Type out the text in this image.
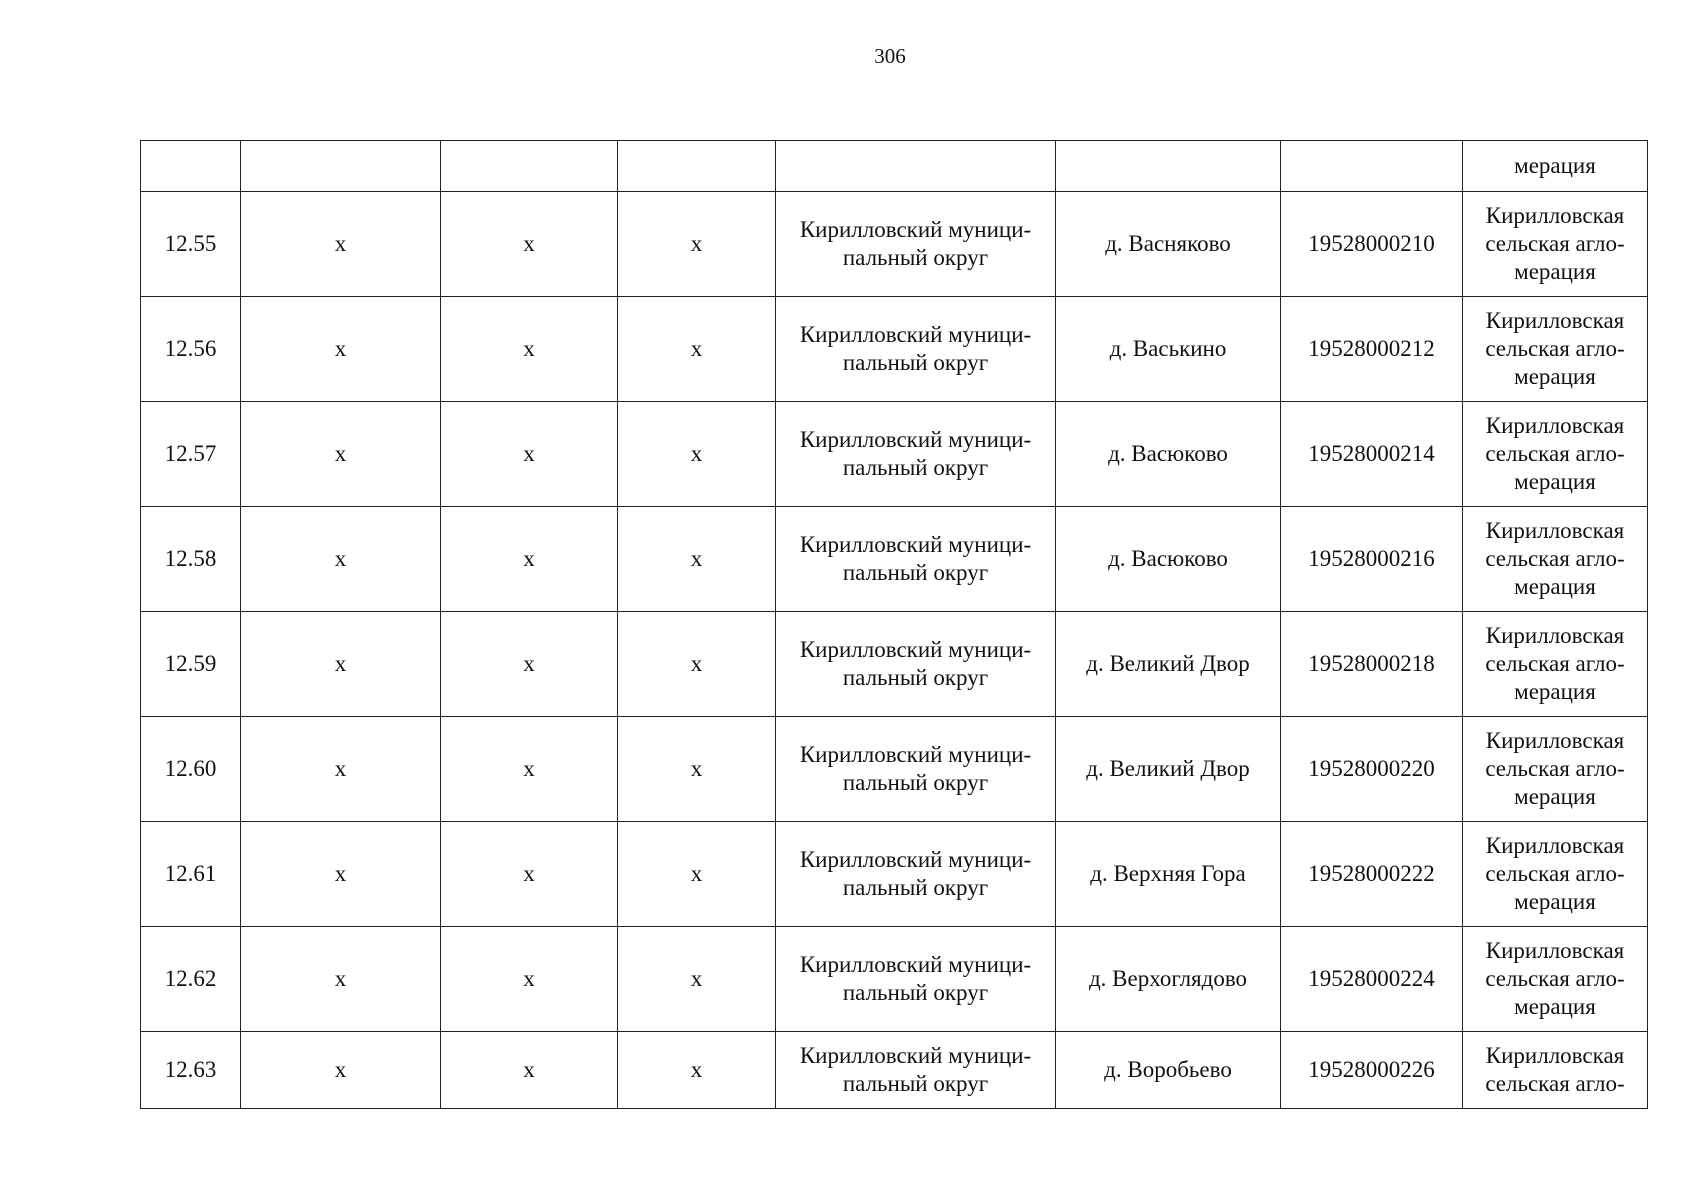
306
							мерация
12.55	х	х	х	Кирилловский муници-пальный округ	д. Васняково	19528000210	Кирилловская сельская агло-мерация
12.56	х	х	х	Кирилловский муници-пальный округ	д. Васькино	19528000212	Кирилловская сельская агло-мерация
12.57	х	х	х	Кирилловский муници-пальный округ	д. Васюково	19528000214	Кирилловская сельская агло-мерация
12.58	х	х	х	Кирилловский муници-пальный округ	д. Васюково	19528000216	Кирилловская сельская агло-мерация
12.59	х	х	х	Кирилловский муници-пальный округ	д. Великий Двор	19528000218	Кирилловская сельская агло-мерация
12.60	х	х	х	Кирилловский муници-пальный округ	д. Великий Двор	19528000220	Кирилловская сельская агло-мерация
12.61	х	х	х	Кирилловский муници-пальный округ	д. Верхняя Гора	19528000222	Кирилловская сельская агло-мерация
12.62	х	х	х	Кирилловский муници-пальный округ	д. Верхоглядово	19528000224	Кирилловская сельская агло-мерация
12.63	х	х	х	Кирилловский муници-пальный округ	д. Воробьево	19528000226	Кирилловская сельская агло-
